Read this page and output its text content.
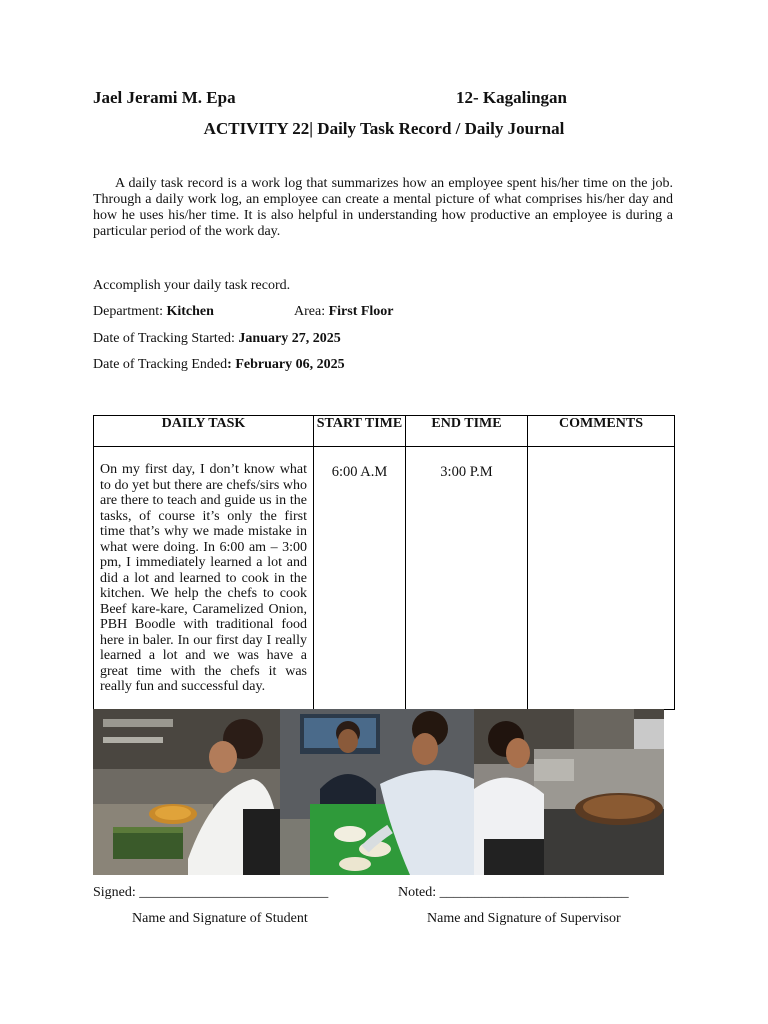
Jael Jerami M. Epa	12- Kagalingan
ACTIVITY 22| Daily Task Record / Daily Journal
A daily task record is a work log that summarizes how an employee spent his/her time on the job. Through a daily work log, an employee can create a mental picture of what comprises his/her day and how he uses his/her time. It is also helpful in understanding how productive an employee is during a particular period of the work day.
Accomplish your daily task record.
Department: Kitchen	Area: First Floor
Date of Tracking Started: January 27, 2025
Date of Tracking Ended: February 06, 2025
DAILY TASK	START TIME	END TIME	COMMENTS

On my first day, I don’t know what to do yet but there are chefs/sirs who are there to teach and guide us in the tasks, of course it’s only the first time that’s why we made mistake in what were doing. In 6:00 am – 3:00 pm, I immediately learned a lot and did a lot and learned to cook in the kitchen. We help the chefs to cook Beef kare-kare, Caramelized Onion, PBH Boodle with traditional food here in baler. In our first day I really learned a lot and we was have a great time with the chefs it was really fun and successful day.	6:00 A.M	3:00 P.M	

Signed: ___________________________	Noted: ___________________________
Name and Signature of Student	Name and Signature of Supervisor
